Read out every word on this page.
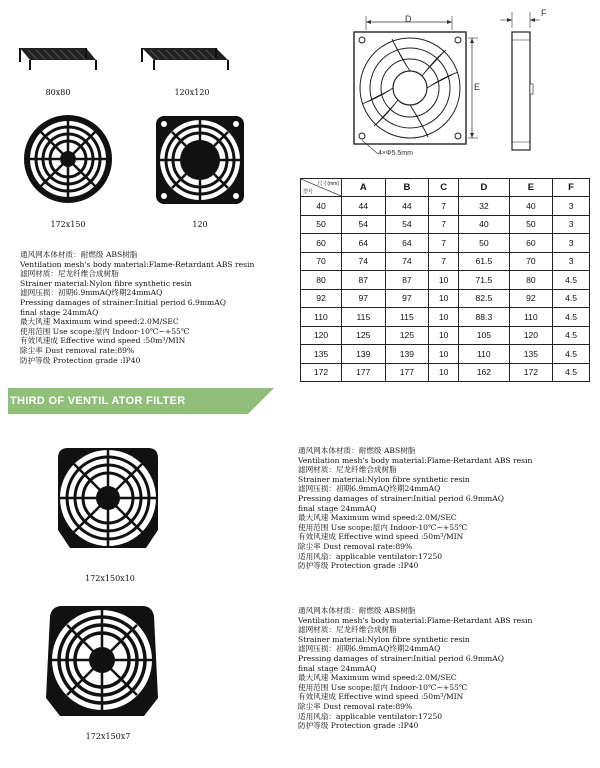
80x80	120x120
172x150	120
D
E
F
4×Φ5.5mm
尺寸(mm)
型号	A	B	C	D	E	F
40	44	44	7	32	40	3
50	54	54	7	40	50	3
60	64	64	7	50	60	3
70	74	74	7	61.5	70	3
80	87	87	10	71.5	80	4.5
92	97	97	10	82.5	92	4.5
110	115	115	10	88.3	110	4.5
120	125	125	10	105	120	4.5
135	139	139	10	110	135	4.5
172	177	177	10	162	172	4.5
通风网本体材质：耐燃级 ABS树脂
Ventilation mesh's body material:Flame-Retardant ABS resin
滤网材质：尼龙纤维合成树脂
Strainer material:Nylon fibre synthetic resin
滤网压损：初期6.9mmAQ终期24mmAQ
Pressing damages of strainer:Initial period 6.9mmAQ
final stage 24mmAQ
最大风速 Maximum wind speed:2.0M/SEC
使用范围 Use scope:屋内 Indoor-10℃~+55℃
有效风速成 Effective wind speed :50m³/MIN
除尘率 Dust removal rate:89%
防护等级 Protection grade :IP40
THIRD OF VENTIL ATOR FILTER
172x150x10
172x150x7
通风网本体材质：耐燃级 ABS树脂
Ventilation mesh's body material:Flame-Retardant ABS resin
滤网材质：尼龙纤维合成树脂
Strainer material:Nylon fibre synthetic resin
滤网压损：初期6.9mmAQ终期24mmAQ
Pressing damages of strainer:Initial period 6.9mmAQ
final stage 24mmAQ
最大风速 Maximum wind speed:2.0M/SEC
使用范围 Use scope:屋内 Indoor-10℃~+55℃
有效风速成 Effective wind speed :50m³/MIN
除尘率 Dust removal rate:89%
适用风扇：applicable ventilator:17250
防护等级 Protection grade :IP40
通风网本体材质：耐燃级 ABS树脂
Ventilation mesh's body material:Flame-Retardant ABS resin
滤网材质：尼龙纤维合成树脂
Strainer material:Nylon fibre synthetic resin
滤网压损：初期6.9mmAQ终期24mmAQ
Pressing damages of strainer:Initial period 6.9mmAQ
final stage 24mmAQ
最大风速 Maximum wind speed:2.0M/SEC
使用范围 Use scope:屋内 Indoor-10℃~+55℃
有效风速成 Effective wind speed :50m³/MIN
除尘率 Dust removal rate:89%
适用风扇：applicable ventilator:17250
防护等级 Protection grade :IP40
